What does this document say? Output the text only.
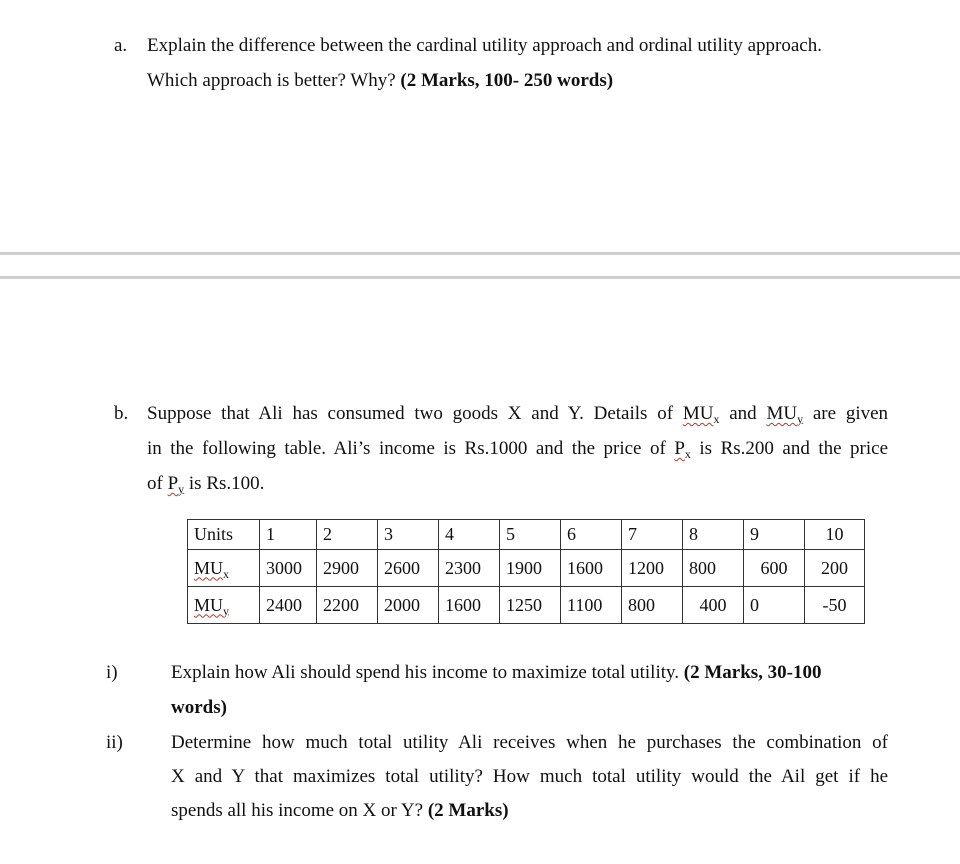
a. Explain the difference between the cardinal utility approach and ordinal utility approach.
Which approach is better? Why? (2 Marks, 100- 250 words)
b. Suppose that Ali has consumed two goods X and Y. Details of $MU_x$ and $MU_y$ are given
in the following table. Ali’s income is Rs.1000 and the price of $P_x$ is Rs.200 and the price
of $P_y$ is Rs.100.
Units	1	2	3	4	5	6	7	8	9	10
$MU_x$	3000	2900	2600	2300	1900	1600	1200	800	600	200
$MU_y$	2400	2200	2000	1600	1250	1100	800	400	0	-50
i)	Explain how Ali should spend his income to maximize total utility. (2 Marks, 30-100
words)
ii)	Determine how much total utility Ali receives when he purchases the combination of
X and Y that maximizes total utility? How much total utility would the Ail get if he
spends all his income on X or Y? (2 Marks)
